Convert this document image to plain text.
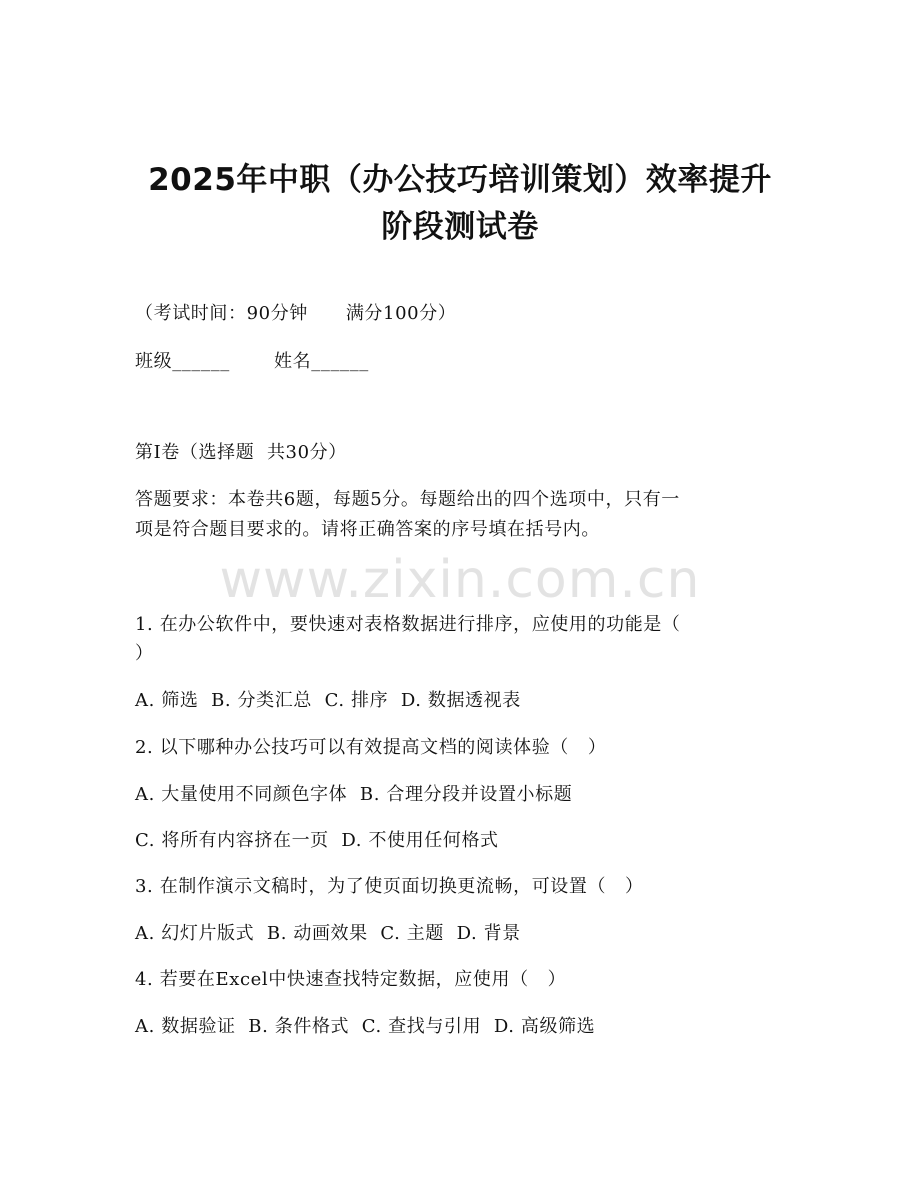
www.zixin.com.cn
2025年中职（办公技巧培训策划）效率提升
阶段测试卷
（考试时间：90分钟      满分100分）
班级______       姓名______
第I卷（选择题  共30分）
答题要求：本卷共6题，每题5分。每题给出的四个选项中，只有一
项是符合题目要求的。请将正确答案的序号填在括号内。
1. 在办公软件中，要快速对表格数据进行排序，应使用的功能是（
）
A. 筛选  B. 分类汇总  C. 排序  D. 数据透视表
2. 以下哪种办公技巧可以有效提高文档的阅读体验（   ）
A. 大量使用不同颜色字体  B. 合理分段并设置小标题
C. 将所有内容挤在一页  D. 不使用任何格式
3. 在制作演示文稿时，为了使页面切换更流畅，可设置（   ）
A. 幻灯片版式  B. 动画效果  C. 主题  D. 背景
4. 若要在Excel中快速查找特定数据，应使用（   ）
A. 数据验证  B. 条件格式  C. 查找与引用  D. 高级筛选
